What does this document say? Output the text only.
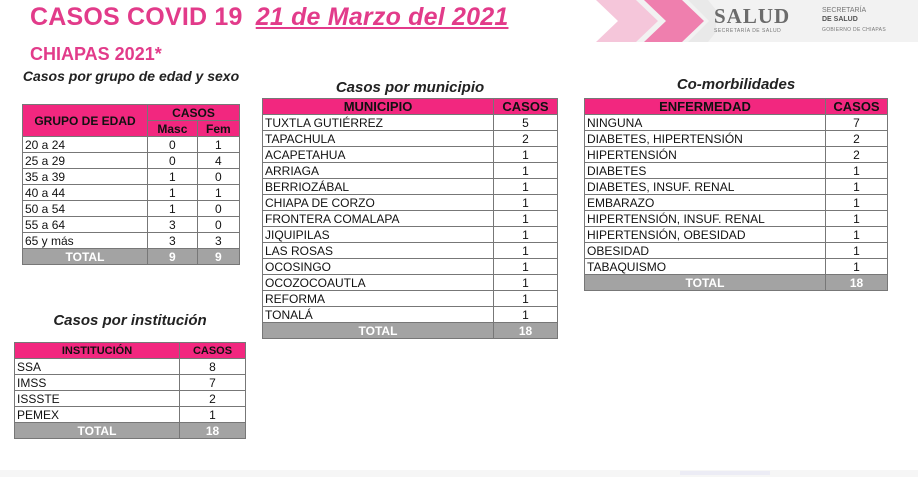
CASOS COVID 19 21 de Marzo del 2021
CHIAPAS 2021*
SALUD
SECRETARÍA DE SALUD
SECRETARÍA
DE SALUD
GOBIERNO DE CHIAPAS
Casos por grupo de edad y sexo
GRUPO DE EDAD	CASOS	
	Masc	Fem
20 a 24	0	1
25 a 29	0	4
35 a 39	1	0
40 a 44	1	1
50 a 54	1	0
55 a 64	3	0
65 y más	3	3
TOTAL	9	9
Casos por institución
INSTITUCIÓN	CASOS
SSA	8
IMSS	7
ISSSTE	2
PEMEX	1
TOTAL	18
Casos por municipio
MUNICIPIO	CASOS
TUXTLA GUTIÉRREZ	5
TAPACHULA	2
ACAPETAHUA	1
ARRIAGA	1
BERRIOZÁBAL	1
CHIAPA DE CORZO	1
FRONTERA COMALAPA	1
JIQUIPILAS	1
LAS ROSAS	1
OCOSINGO	1
OCOZOCOAUTLA	1
REFORMA	1
TONALÁ	1
TOTAL	18
Co-morbilidades
ENFERMEDAD	CASOS
NINGUNA	7
DIABETES, HIPERTENSIÓN	2
HIPERTENSIÓN	2
DIABETES	1
DIABETES, INSUF. RENAL	1
EMBARAZO	1
HIPERTENSIÓN, INSUF. RENAL	1
HIPERTENSIÓN, OBESIDAD	1
OBESIDAD	1
TABAQUISMO	1
TOTAL	18
